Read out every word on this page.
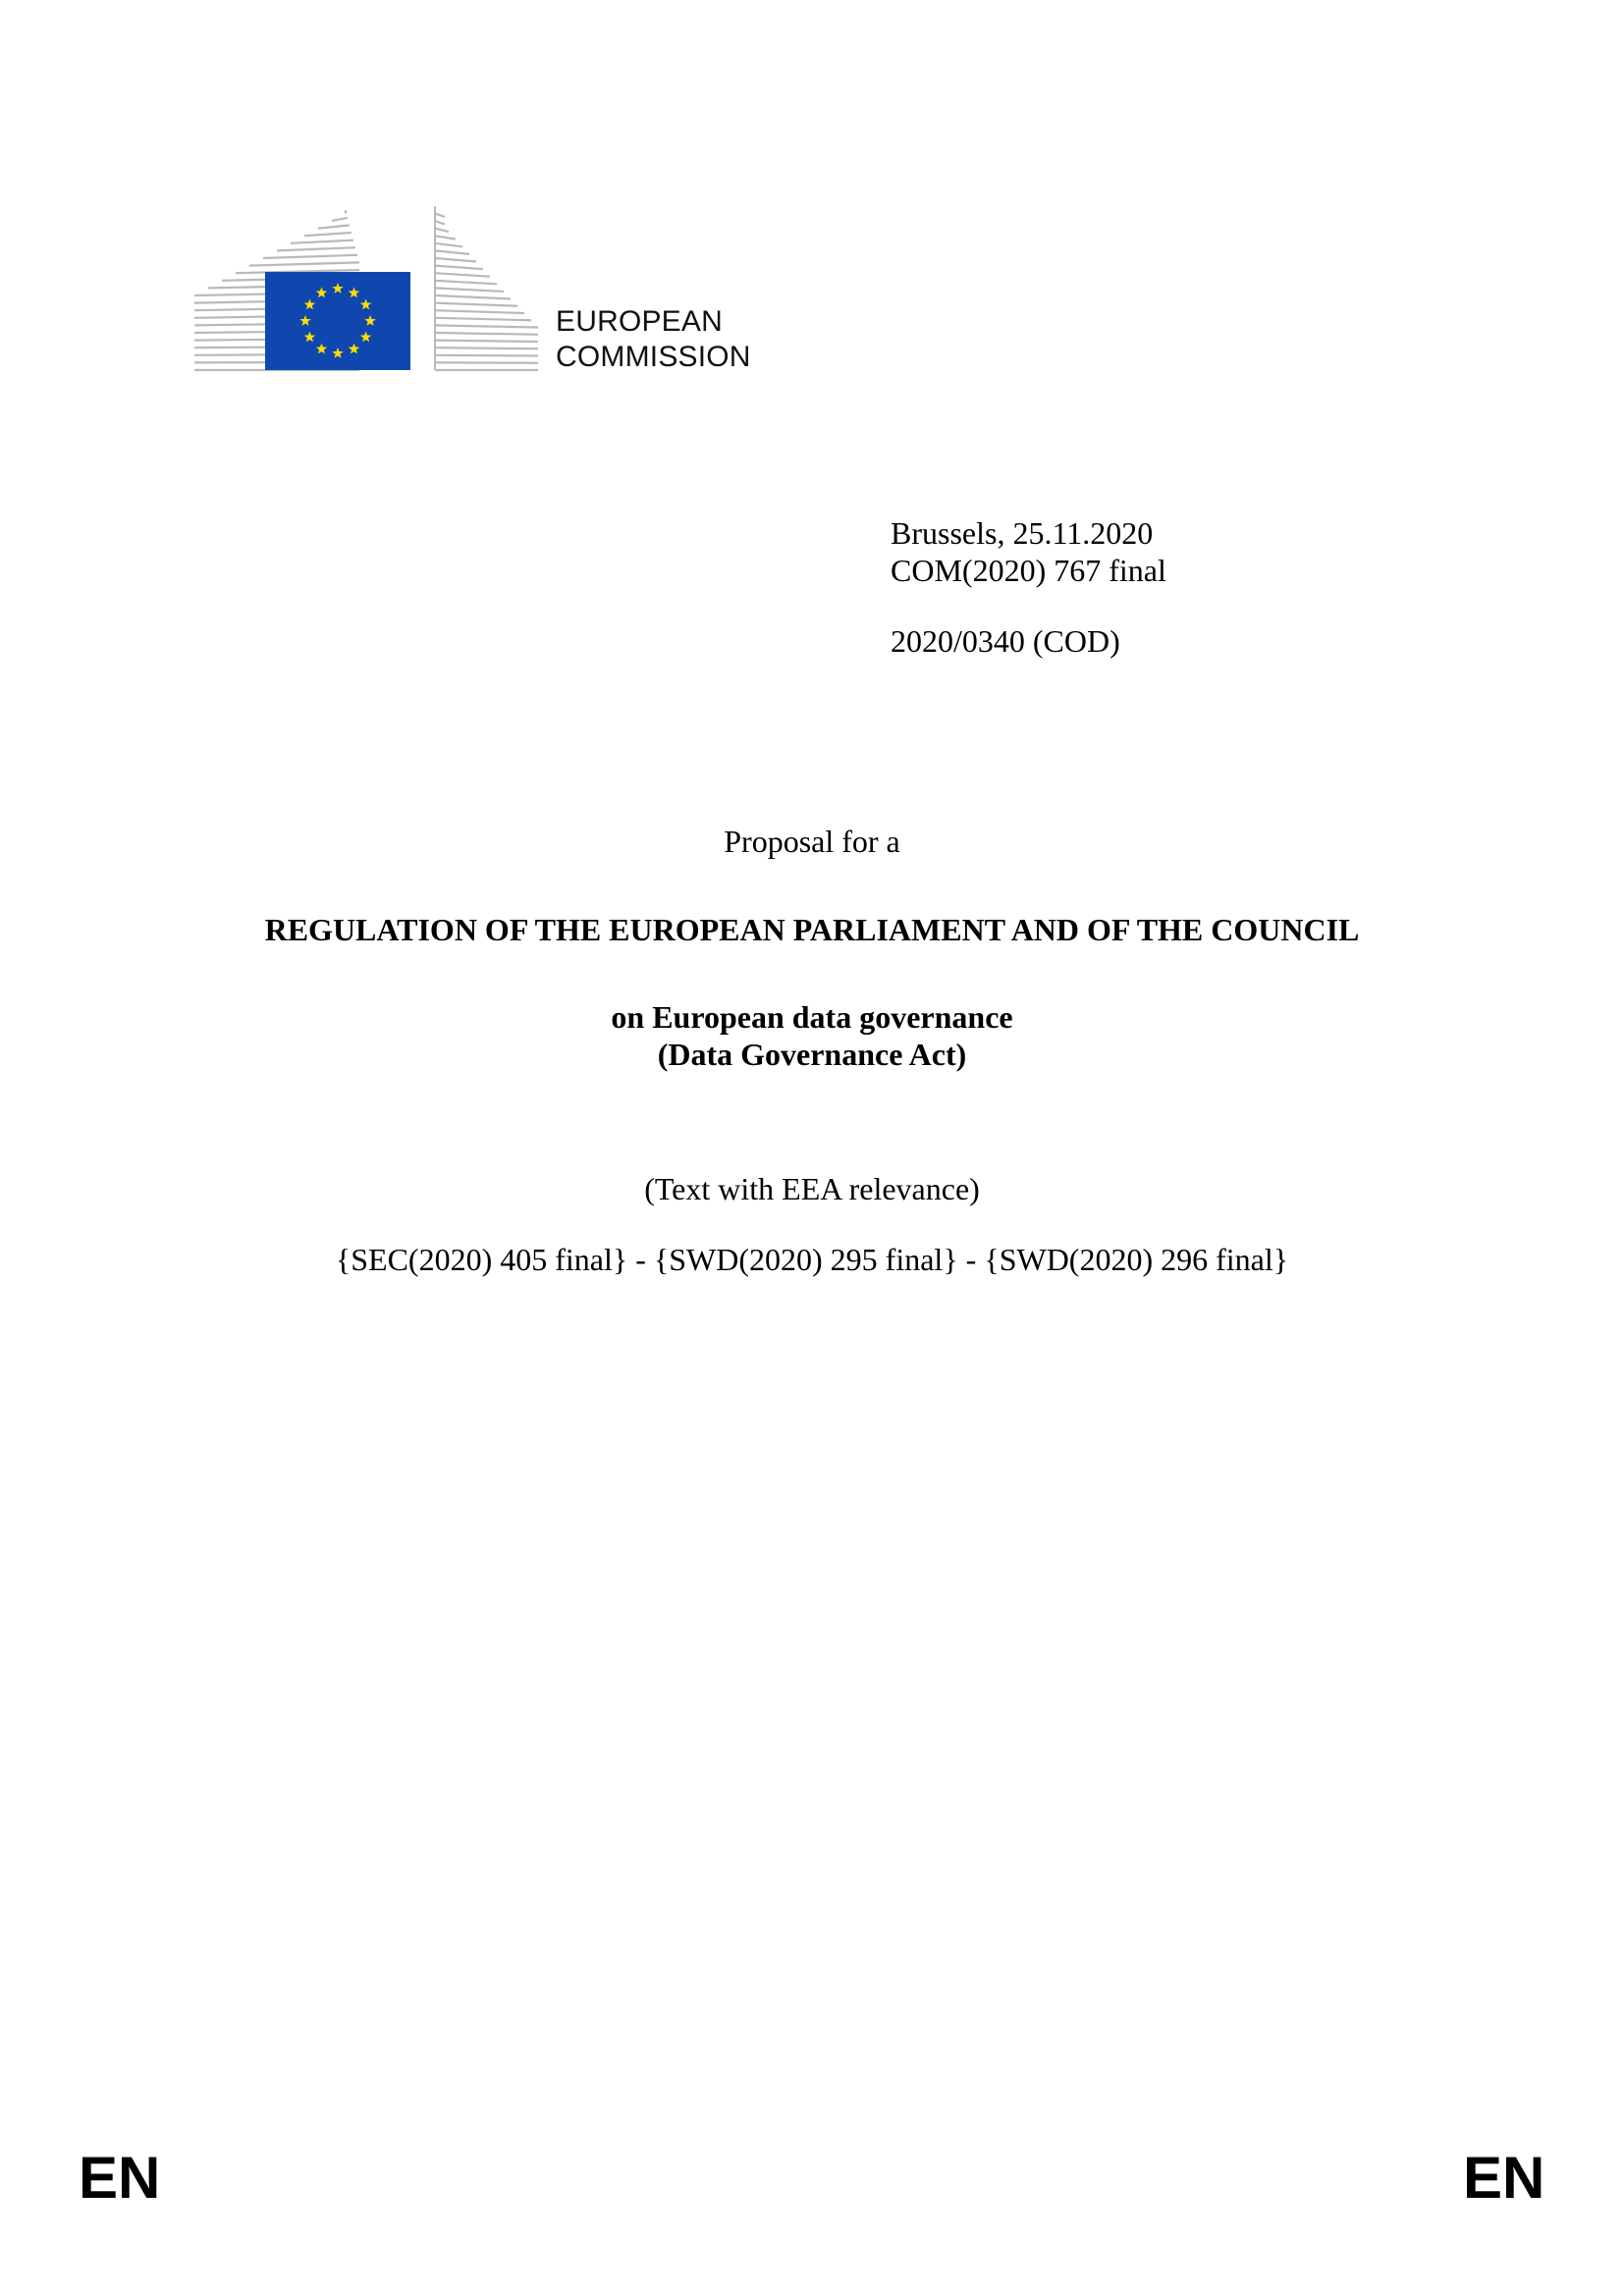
EUROPEAN
COMMISSION
Brussels, 25.11.2020
COM(2020) 767 final
2020/0340 (COD)
Proposal for a
REGULATION OF THE EUROPEAN PARLIAMENT AND OF THE COUNCIL
on European data governance
(Data Governance Act)
(Text with EEA relevance)
{SEC(2020) 405 final} - {SWD(2020) 295 final} - {SWD(2020) 296 final}
EN	EN
